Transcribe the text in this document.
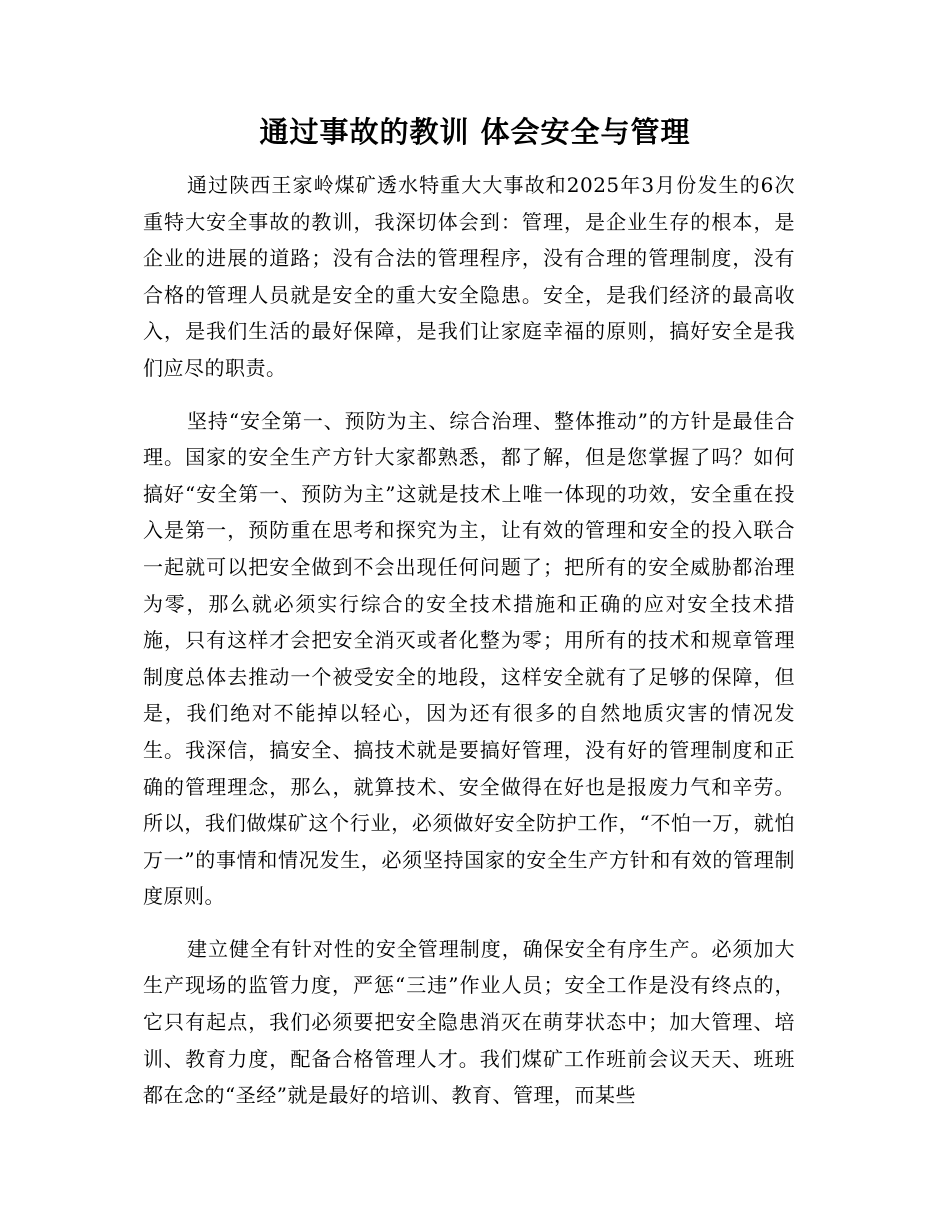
通过事故的教训 体会安全与管理

通过陕西王家岭煤矿透水特重大大事故和2025年3月份发生的6次重特大安全事故的教训，我深切体会到：管理，是企业生存的根本，是企业的进展的道路；没有合法的管理程序，没有合理的管理制度，没有合格的管理人员就是安全的重大安全隐患。安全，是我们经济的最高收入，是我们生活的最好保障，是我们让家庭幸福的原则，搞好安全是我们应尽的职责。

坚持“安全第一、预防为主、综合治理、整体推动”的方针是最佳合理。国家的安全生产方针大家都熟悉，都了解，但是您掌握了吗？如何搞好“安全第一、预防为主”这就是技术上唯一体现的功效，安全重在投入是第一，预防重在思考和探究为主，让有效的管理和安全的投入联合一起就可以把安全做到不会出现任何问题了；把所有的安全威胁都治理为零，那么就必须实行综合的安全技术措施和正确的应对安全技术措施，只有这样才会把安全消灭或者化整为零；用所有的技术和规章管理制度总体去推动一个被受安全的地段，这样安全就有了足够的保障，但是，我们绝对不能掉以轻心，因为还有很多的自然地质灾害的情况发生。我深信，搞安全、搞技术就是要搞好管理，没有好的管理制度和正确的管理理念，那么，就算技术、安全做得在好也是报废力气和辛劳。所以，我们做煤矿这个行业，必须做好安全防护工作，“不怕一万，就怕万一”的事情和情况发生，必须坚持国家的安全生产方针和有效的管理制度原则。

建立健全有针对性的安全管理制度，确保安全有序生产。必须加大生产现场的监管力度，严惩“三违”作业人员；安全工作是没有终点的，它只有起点，我们必须要把安全隐患消灭在萌芽状态中；加大管理、培训、教育力度，配备合格管理人才。我们煤矿工作班前会议天天、班班都在念的“圣经”就是最好的培训、教育、管理，而某些
